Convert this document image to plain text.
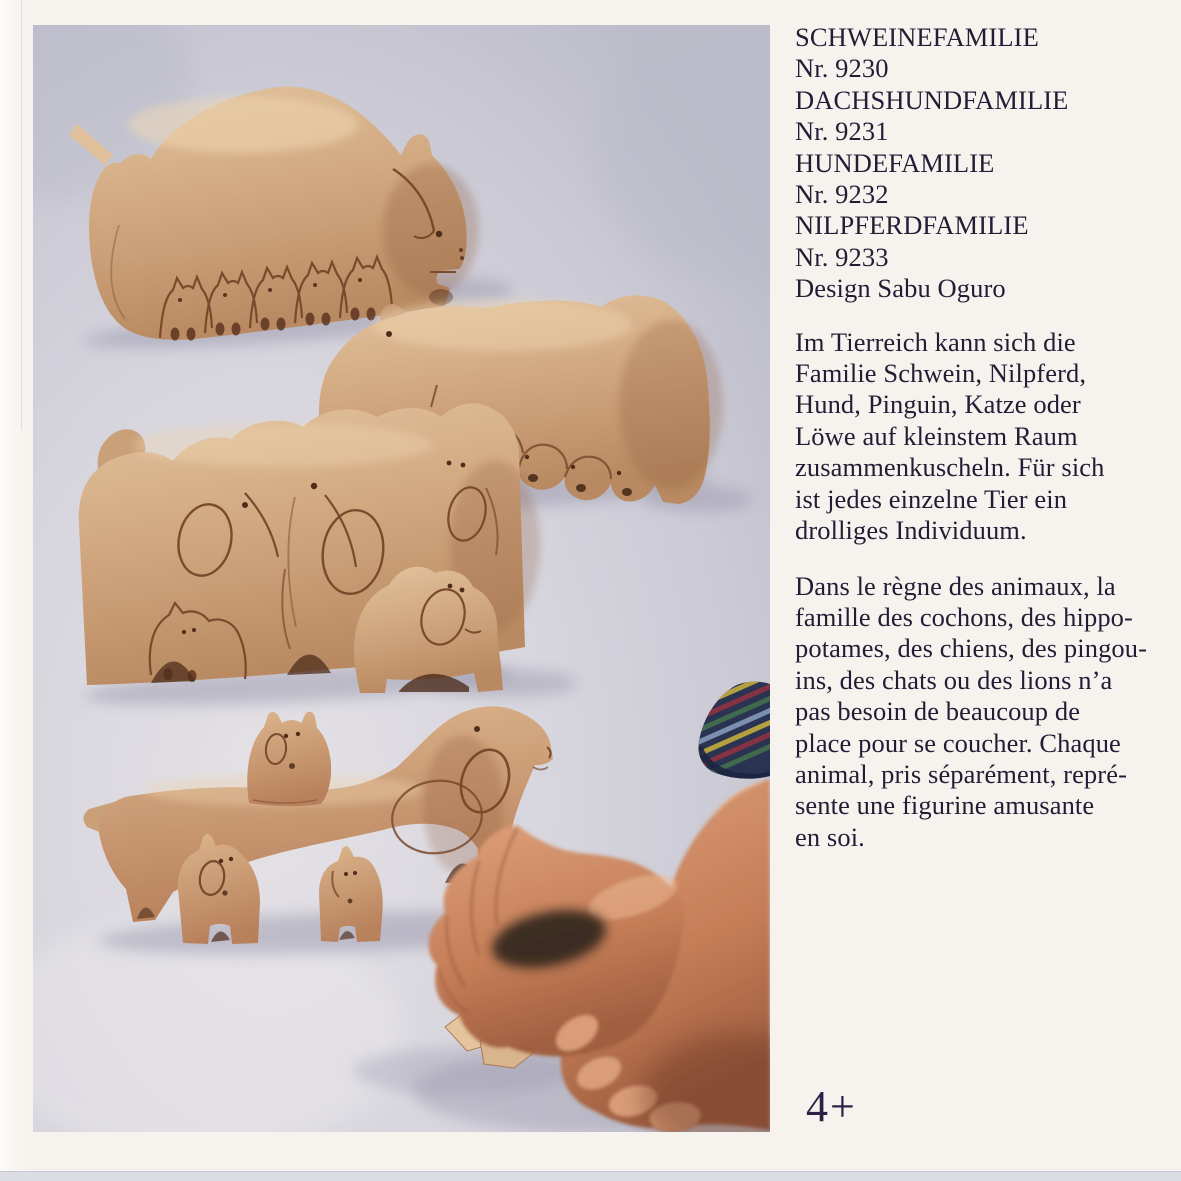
SCHWEINEFAMILIE
Nr. 9230
DACHSHUNDFAMILIE
Nr. 9231
HUNDEFAMILIE
Nr. 9232
NILPFERDFAMILIE
Nr. 9233
Design Sabu Oguro
Im Tierreich kann sich die
Familie Schwein, Nilpferd,
Hund, Pinguin, Katze oder
Löwe auf kleinstem Raum
zusammenkuscheln. Für sich
ist jedes einzelne Tier ein
drolliges Individuum.
Dans le règne des animaux, la
famille des cochons, des hippo-
potames, des chiens, des pingou-
ins, des chats ou des lions n’a
pas besoin de beaucoup de
place pour se coucher. Chaque
animal, pris séparément, repré-
sente une figurine amusante
en soi.
4+
